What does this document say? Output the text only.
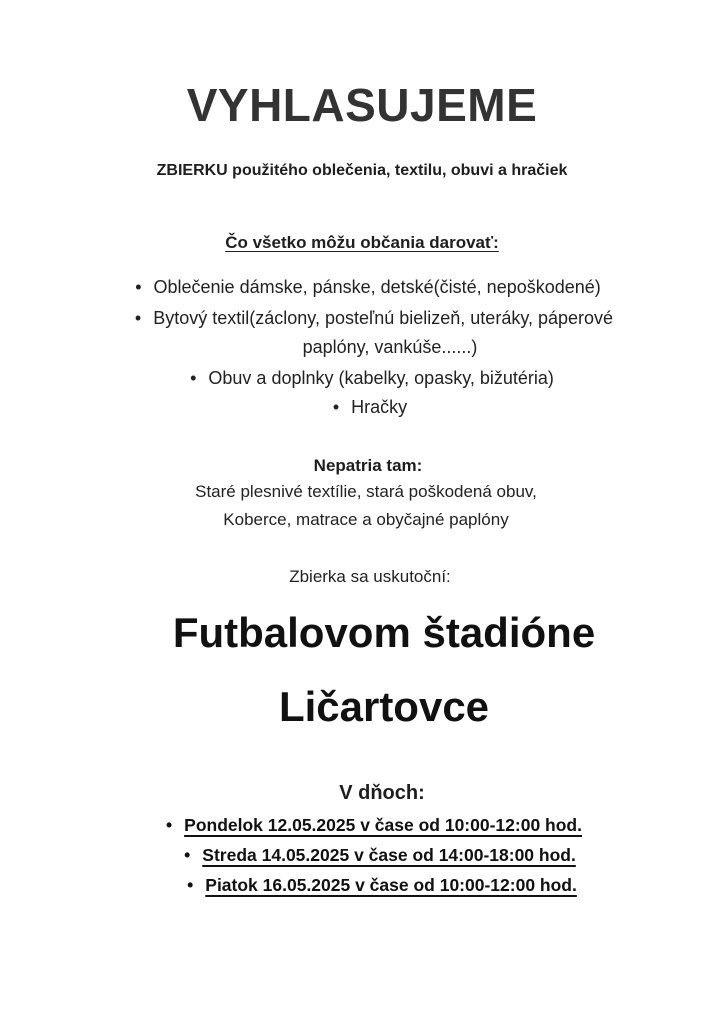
VYHLASUJEME
ZBIERKU použitého oblečenia, textilu, obuvi a hračiek
Čo všetko môžu občania darovať:
• Oblečenie dámske, pánske, detské(čisté, nepoškodené)
• Bytový textil(záclony, posteľnú bielizeň, uteráky, páperové
paplóny, vankúše......)
• Obuv a doplnky (kabelky, opasky, bižutéria)
• Hračky
Nepatria tam:
Staré plesnivé textílie, stará poškodená obuv,
Koberce, matrace a obyčajné paplóny
Zbierka sa uskutoční:
Futbalovom štadióne
Ličartovce
V dňoch:
• Pondelok 12.05.2025 v čase od 10:00-12:00 hod.
• Streda 14.05.2025 v čase od 14:00-18:00 hod.
• Piatok 16.05.2025 v čase od 10:00-12:00 hod.
